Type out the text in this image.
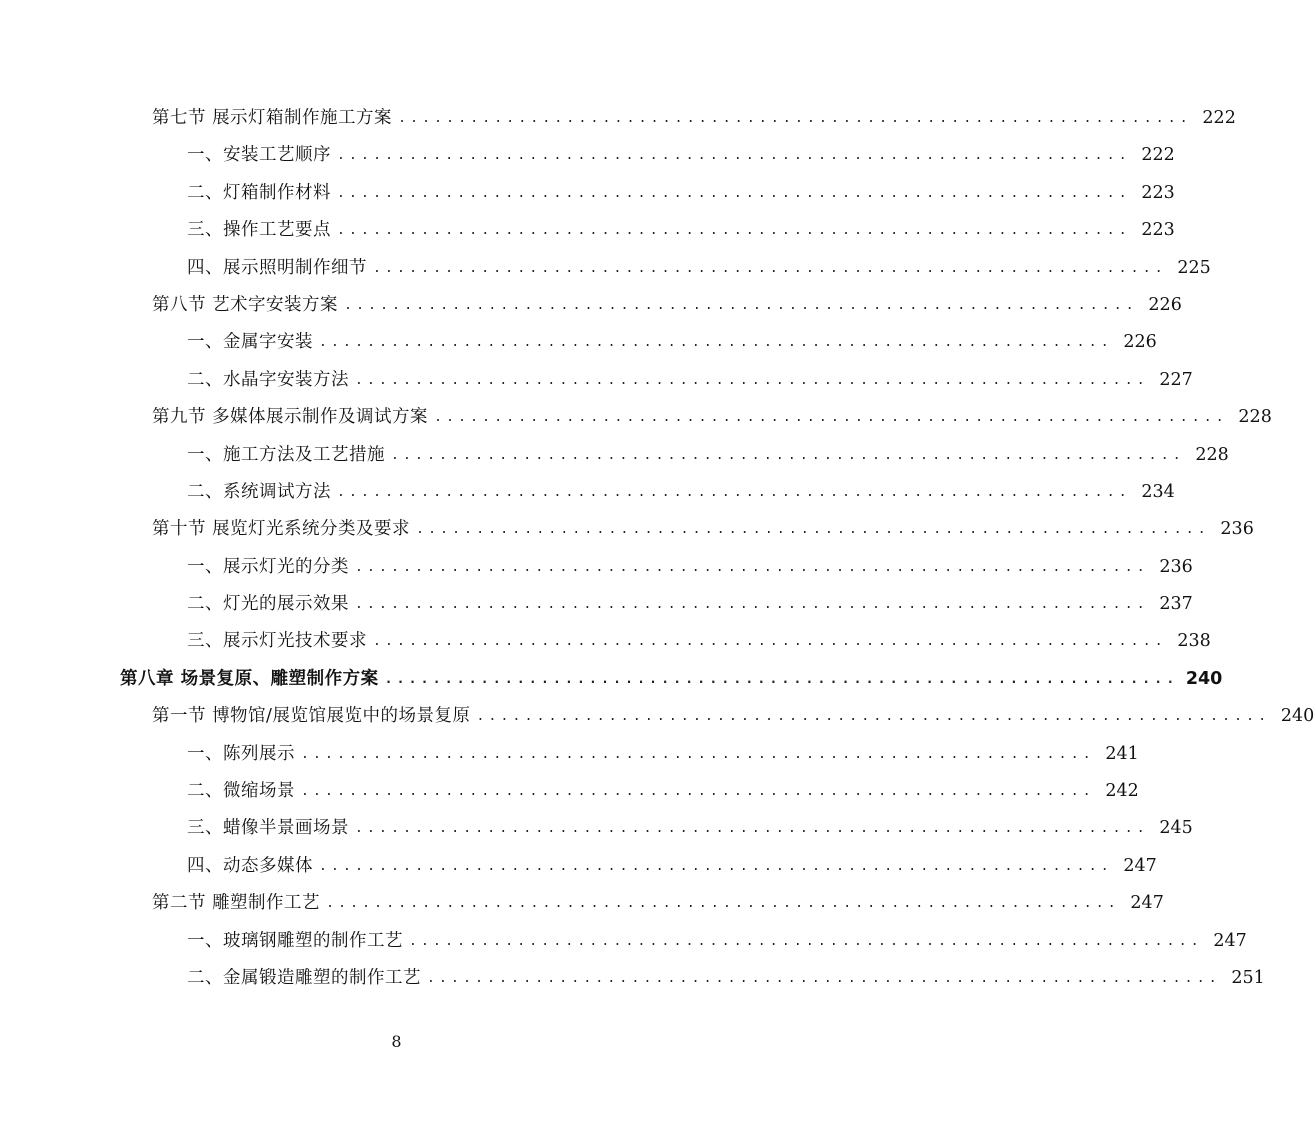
第七节 展示灯箱制作施工方案 .................................................................. 222
一、安装工艺顺序 .................................................................. 222
二、灯箱制作材料 .................................................................. 223
三、操作工艺要点 .................................................................. 223
四、展示照明制作细节 .................................................................. 225
第八节 艺术字安装方案 .................................................................. 226
一、金属字安装 .................................................................. 226
二、水晶字安装方法 .................................................................. 227
第九节 多媒体展示制作及调试方案 .................................................................. 228
一、施工方法及工艺措施 .................................................................. 228
二、系统调试方法 .................................................................. 234
第十节 展览灯光系统分类及要求 .................................................................. 236
一、展示灯光的分类 .................................................................. 236
二、灯光的展示效果 .................................................................. 237
三、展示灯光技术要求 .................................................................. 238
第八章 场景复原、雕塑制作方案 .................................................................. 240
第一节 博物馆/展览馆展览中的场景复原 .................................................................. 240
一、陈列展示 .................................................................. 241
二、微缩场景 .................................................................. 242
三、蜡像半景画场景 .................................................................. 245
四、动态多媒体 .................................................................. 247
第二节 雕塑制作工艺 .................................................................. 247
一、玻璃钢雕塑的制作工艺 .................................................................. 247
二、金属锻造雕塑的制作工艺 .................................................................. 251
8
